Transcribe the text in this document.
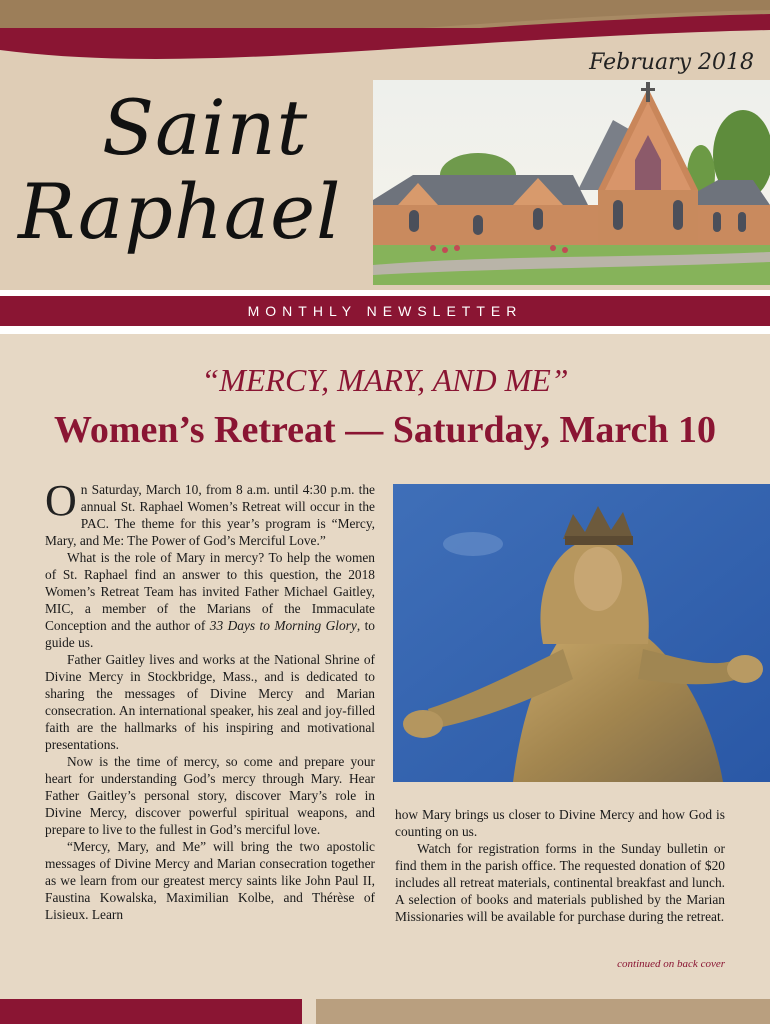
February 2018
Saint
Raphael
MONTHLY NEWSLETTER
“MERCY, MARY, AND ME”
Women’s Retreat — Saturday, March 10

On Saturday, March 10, from 8 a.m. until 4:30 p.m. the annual St. Raphael Women’s Retreat will occur in the PAC. The theme for this year’s program is “Mercy, Mary, and Me: The Power of God’s Merciful Love.”

What is the role of Mary in mercy? To help the women of St. Raphael find an answer to this question, the 2018 Women’s Retreat Team has invited Father Michael Gaitley, MIC, a member of the Marians of the Immaculate Conception and the author of 33 Days to Morning Glory, to guide us.

Father Gaitley lives and works at the National Shrine of Divine Mercy in Stockbridge, Mass., and is dedicated to sharing the messages of Divine Mercy and Marian consecration. An international speaker, his zeal and joy-filled faith are the hallmarks of his inspiring and motivational presentations.

Now is the time of mercy, so come and prepare your heart for understanding God’s mercy through Mary. Hear Father Gaitley’s personal story, discover Mary’s role in Divine Mercy, discover powerful spiritual weapons, and prepare to live to the fullest in God’s merciful love.

“Mercy, Mary, and Me” will bring the two apostolic messages of Divine Mercy and Marian consecration together as we learn from our greatest mercy saints like John Paul II, Faustina Kowalska, Maximilian Kolbe, and Thérèse of Lisieux. Learn

how Mary brings us closer to Divine Mercy and how God is counting on us.

Watch for registration forms in the Sunday bulletin or find them in the parish office. The requested donation of $20 includes all retreat materials, continental breakfast and lunch. A selection of books and materials published by the Marian Missionaries will be available for purchase during the retreat.

continued on back cover
